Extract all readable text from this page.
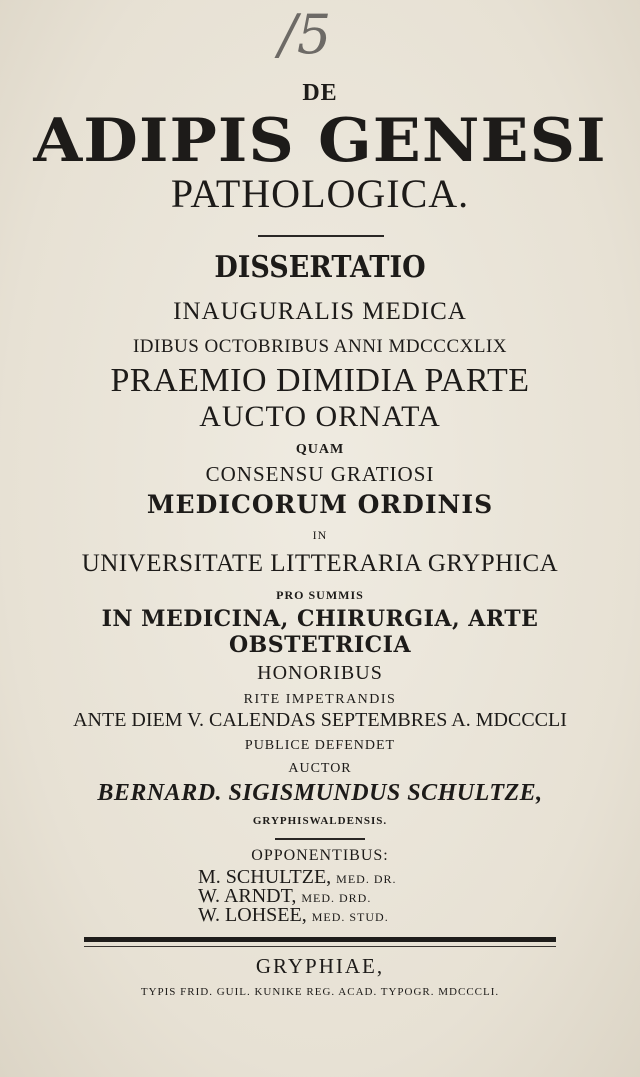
/5
DE
ADIPIS GENESI
PATHOLOGICA.
DISSERTATIO
INAUGURALIS MEDICA
IDIBUS OCTOBRIBUS ANNI MDCCCXLIX
PRAEMIO DIMIDIA PARTE
AUCTO ORNATA
QUAM
CONSENSU GRATIOSI
MEDICORUM ORDINIS
IN
UNIVERSITATE LITTERARIA GRYPHICA
PRO SUMMIS
IN MEDICINA, CHIRURGIA, ARTE
OBSTETRICIA
HONORIBUS
RITE IMPETRANDIS
ANTE DIEM V. CALENDAS SEPTEMBRES A. MDCCCLI
PUBLICE DEFENDET
AUCTOR
BERNARD. SIGISMUNDUS SCHULTZE,
GRYPHISWALDENSIS.
OPPONENTIBUS:
M. SCHULTZE, MED. DR.
W. ARNDT, MED. DRD.
W. LOHSEE, MED. STUD.
GRYPHIAE,
TYPIS FRID. GUIL. KUNIKE REG. ACAD. TYPOGR. MDCCCLI.
